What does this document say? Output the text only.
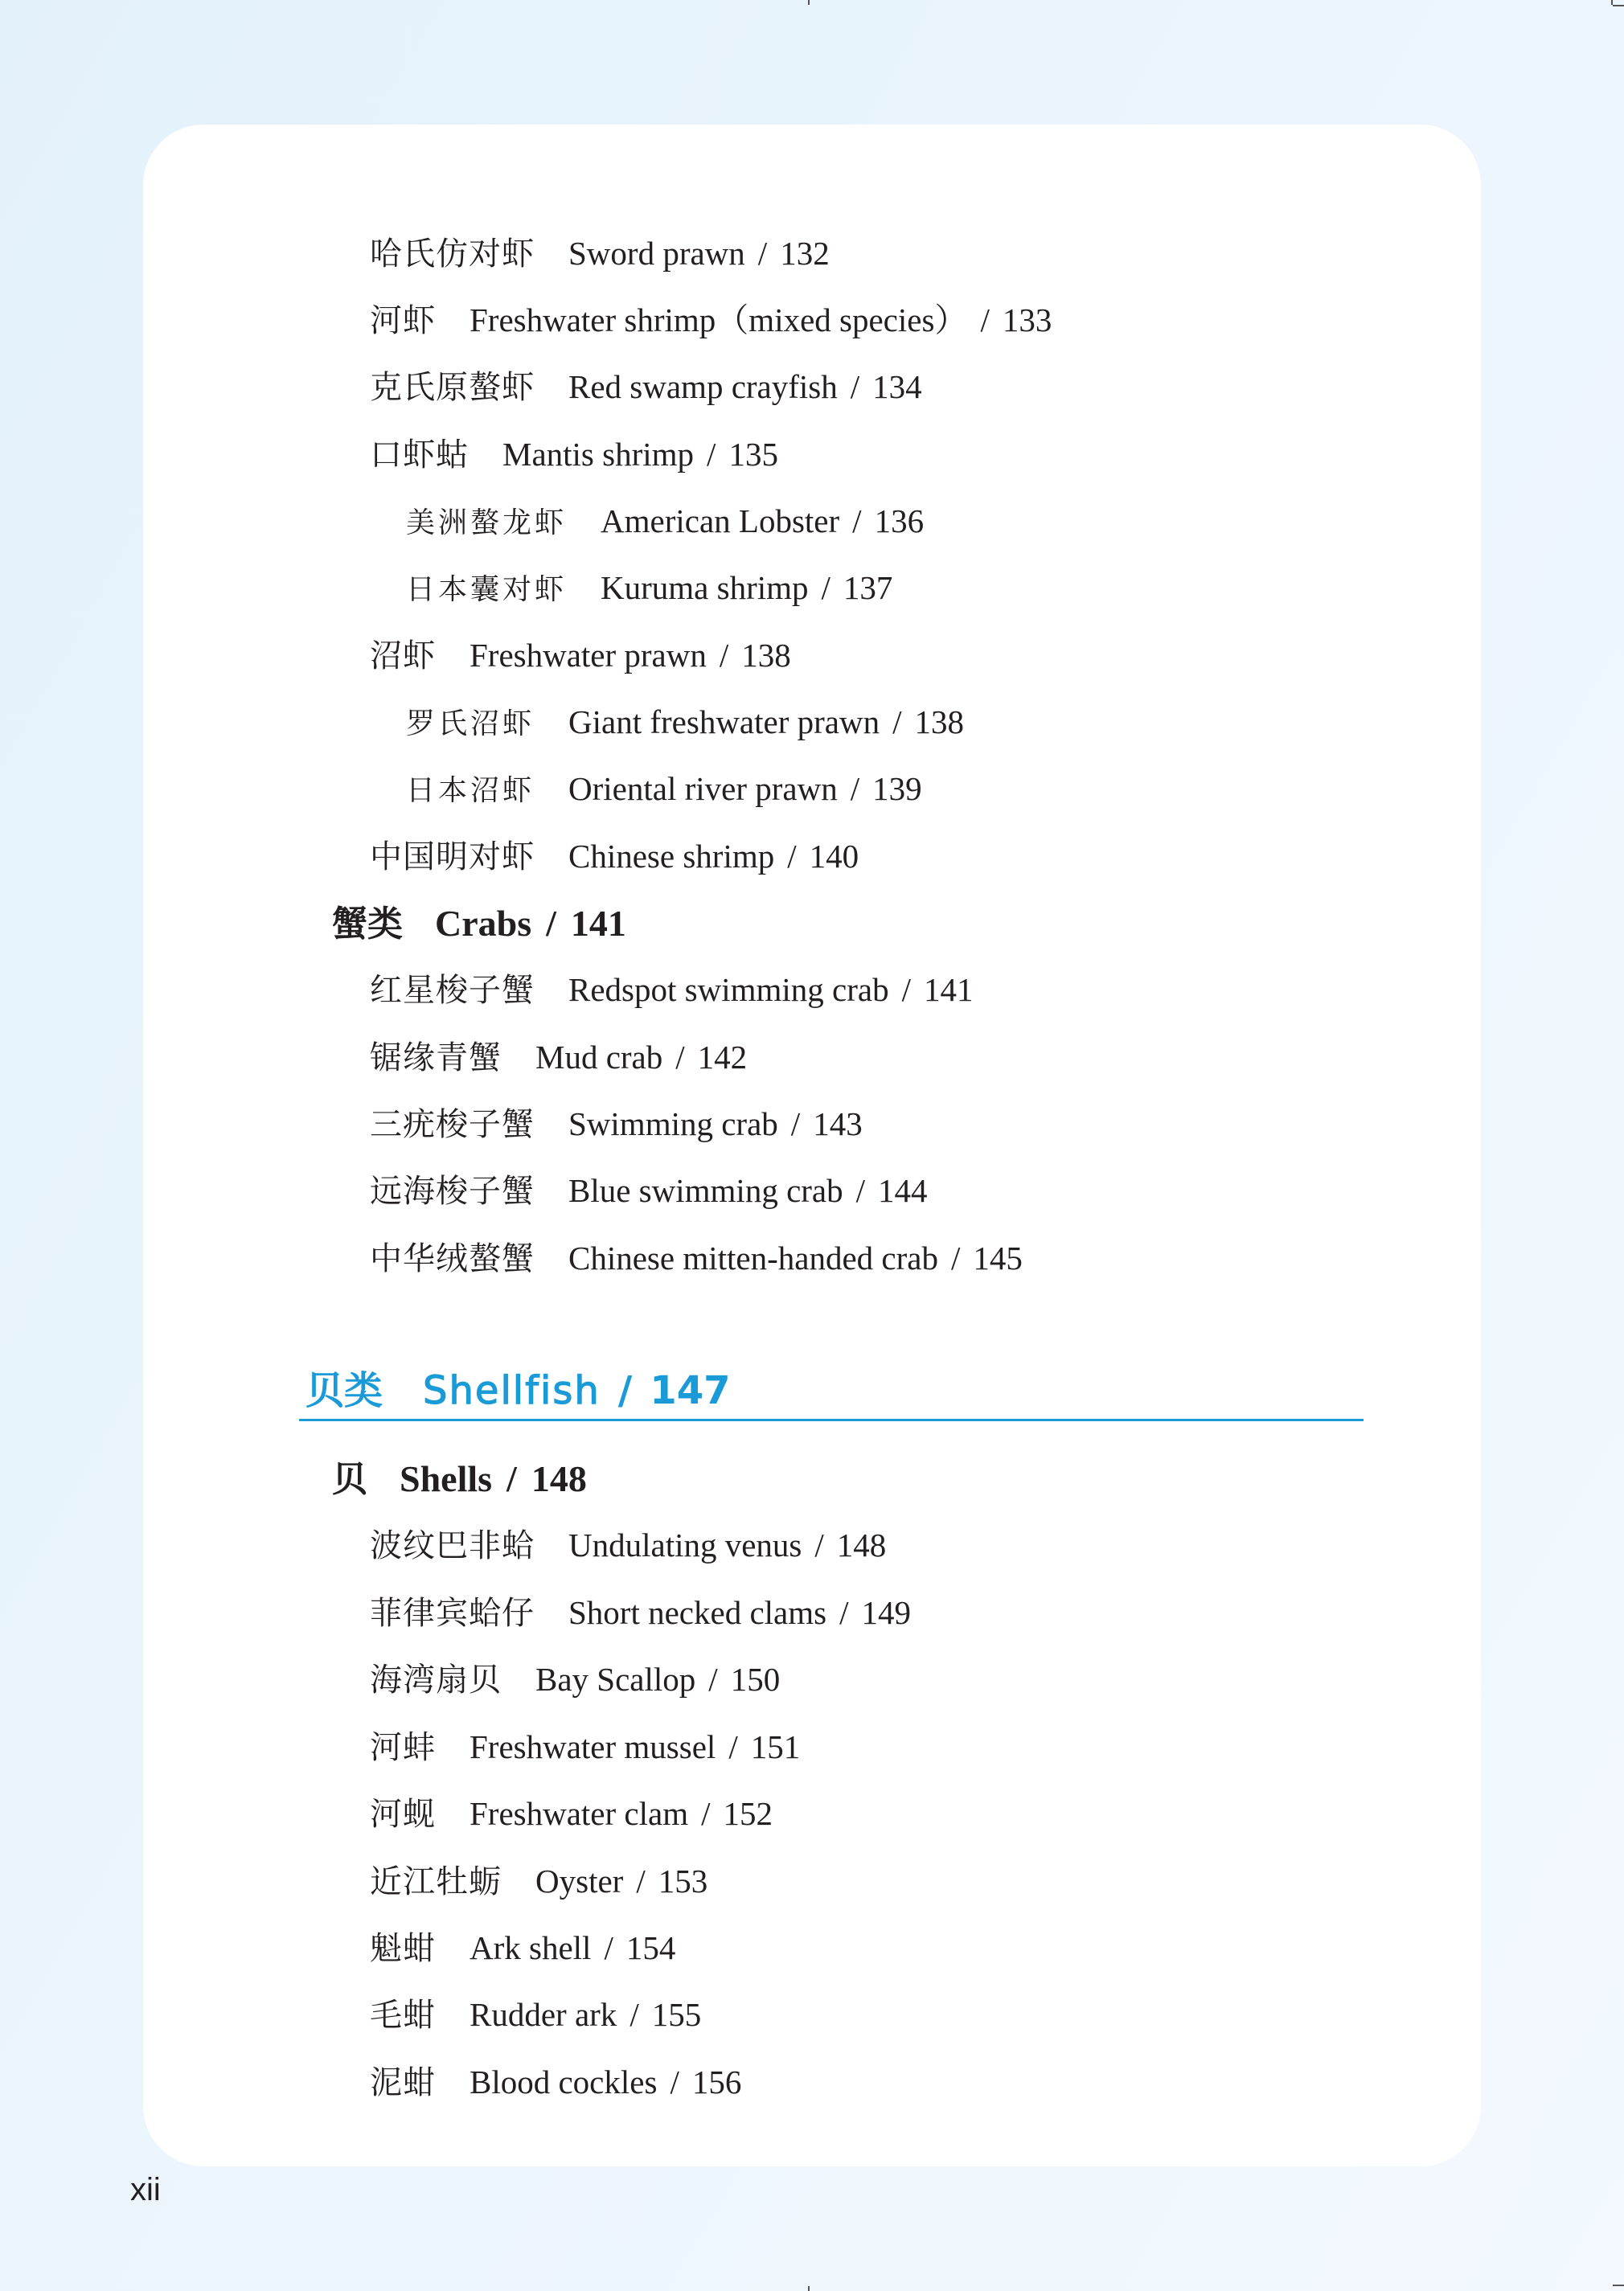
哈氏仿对虾 Sword prawn / 132
河虾 Freshwater shrimp（mixed species） / 133
克氏原螯虾 Red swamp crayfish / 134
口虾蛄 Mantis shrimp / 135
美洲螯龙虾 American Lobster / 136
日本囊对虾 Kuruma shrimp / 137
沼虾 Freshwater prawn / 138
罗氏沼虾 Giant freshwater prawn / 138
日本沼虾 Oriental river prawn / 139
中国明对虾 Chinese shrimp / 140
蟹类 Crabs / 141
红星梭子蟹 Redspot swimming crab / 141
锯缘青蟹 Mud crab / 142
三疣梭子蟹 Swimming crab / 143
远海梭子蟹 Blue swimming crab / 144
中华绒螯蟹 Chinese mitten-handed crab / 145
贝类 Shellfish / 147
贝 Shells / 148
波纹巴非蛤 Undulating venus / 148
菲律宾蛤仔 Short necked clams / 149
海湾扇贝 Bay Scallop / 150
河蚌 Freshwater mussel / 151
河蚬 Freshwater clam / 152
近江牡蛎 Oyster / 153
魁蚶 Ark shell / 154
毛蚶 Rudder ark / 155
泥蚶 Blood cockles / 156
xii
